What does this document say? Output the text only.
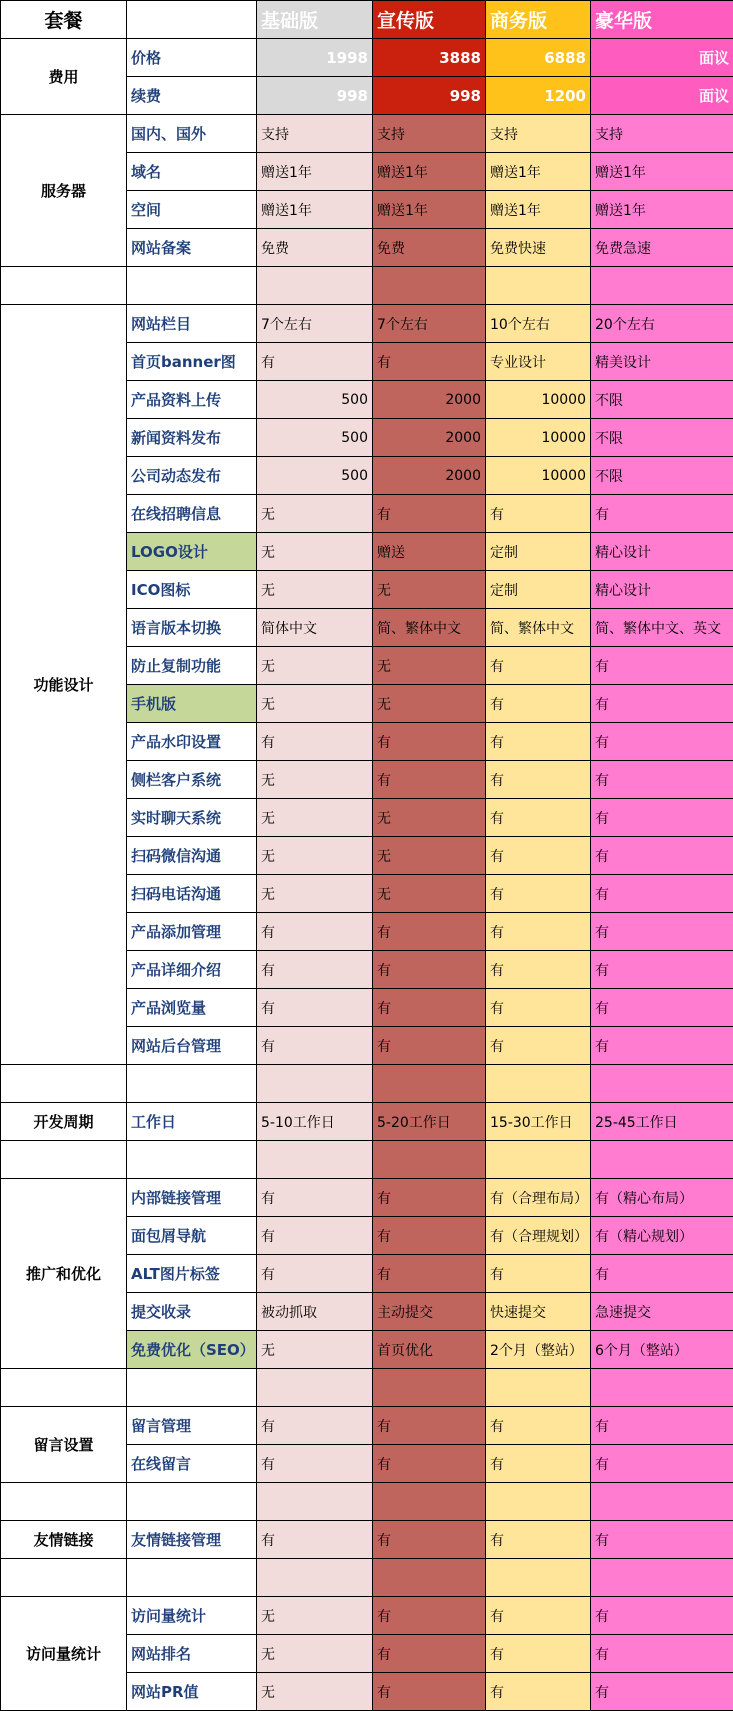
套餐		基础版	宣传版	商务版	豪华版
费用	价格	1998	3888	6888	面议
	续费	998	998	1200	面议
服务器	国内、国外	支持	支持	支持	支持
	域名	赠送1年	赠送1年	赠送1年	赠送1年
	空间	赠送1年	赠送1年	赠送1年	赠送1年
	网站备案	免费	免费	免费快速	免费急速

功能设计	网站栏目	7个左右	7个左右	10个左右	20个左右
	首页banner图	有	有	专业设计	精美设计
	产品资料上传	500	2000	10000	不限
	新闻资料发布	500	2000	10000	不限
	公司动态发布	500	2000	10000	不限
	在线招聘信息	无	有	有	有
	LOGO设计	无	赠送	定制	精心设计
	ICO图标	无	无	定制	精心设计
	语言版本切换	简体中文	简、繁体中文	简、繁体中文	简、繁体中文、英文
	防止复制功能	无	无	有	有
	手机版	无	无	有	有
	产品水印设置	有	有	有	有
	侧栏客户系统	无	有	有	有
	实时聊天系统	无	无	有	有
	扫码微信沟通	无	无	有	有
	扫码电话沟通	无	无	有	有
	产品添加管理	有	有	有	有
	产品详细介绍	有	有	有	有
	产品浏览量	有	有	有	有
	网站后台管理	有	有	有	有

开发周期	工作日	5-10工作日	5-20工作日	15-30工作日	25-45工作日

推广和优化	内部链接管理	有	有	有（合理布局）	有（精心布局）
	面包屑导航	有	有	有（合理规划）	有（精心规划）
	ALT图片标签	有	有	有	有
	提交收录	被动抓取	主动提交	快速提交	急速提交
	免费优化（SEO）	无	首页优化	2个月（整站）	6个月（整站）

留言设置	留言管理	有	有	有	有
	在线留言	有	有	有	有

友情链接	友情链接管理	有	有	有	有

访问量统计	访问量统计	无	有	有	有
	网站排名	无	有	有	有
	网站PR值	无	有	有	有
